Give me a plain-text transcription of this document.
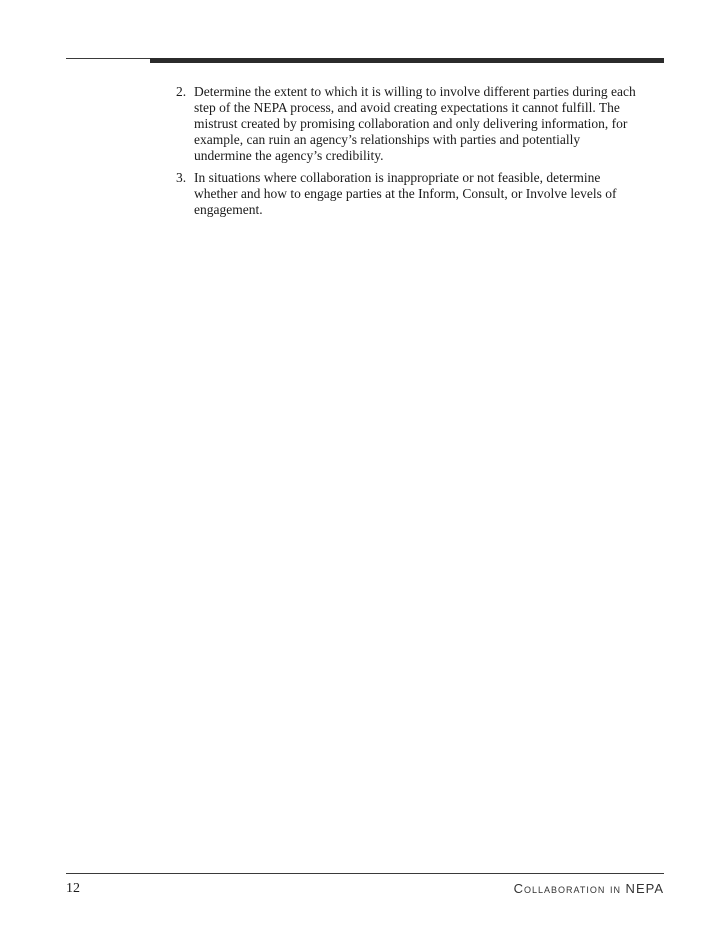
2. Determine the extent to which it is willing to involve different parties during each step of the NEPA process, and avoid creating expectations it cannot fulfill. The mistrust created by promising collaboration and only delivering information, for example, can ruin an agency’s relationships with parties and potentially undermine the agency’s credibility.
3. In situations where collaboration is inappropriate or not feasible, determine whether and how to engage parties at the Inform, Consult, or Involve levels of engagement.
12	Collaboration in NEPA
